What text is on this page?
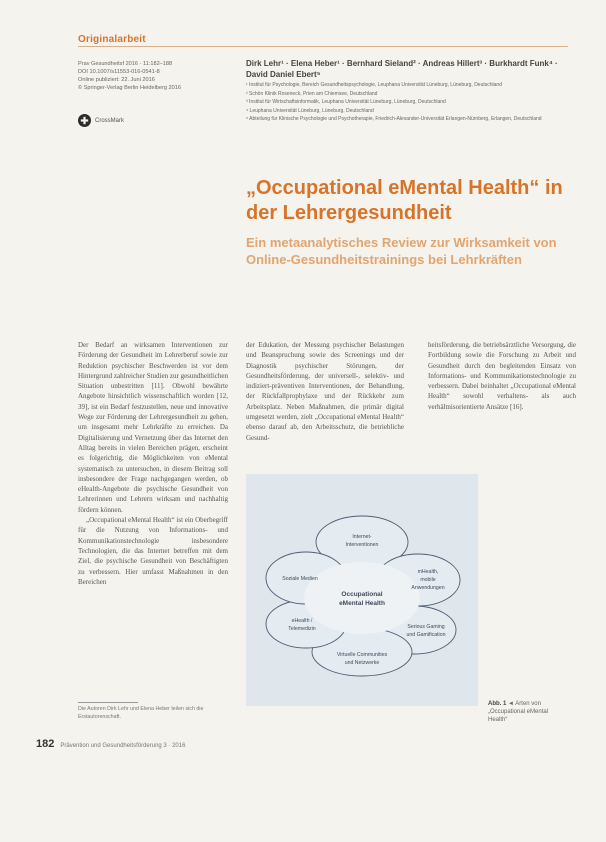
Originalarbeit
Prav Gesundheitsf 2016 · 11:182–188
DOI 10.1007/s11553-016-0541-8
Online publiziert: 22. Juni 2016
© Springer-Verlag Berlin Heidelberg 2016
CrossMark
Dirk Lehr¹ · Elena Heber¹ · Bernhard Sieland² · Andreas Hillert³ · Burkhardt Funk⁴ · David Daniel Ebert⁵
¹ Institut für Psychologie, Bereich Gesundheitspsychologie, Leuphana Universität Lüneburg, Lüneburg, Deutschland
² Schön Klinik Roseneck, Prien am Chiemsee, Deutschland
³ Institut für Wirtschaftsinformatik, Leuphana Universität Lüneburg, Lüneburg, Deutschland
⁴ Leuphana Universität Lüneburg, Lüneburg, Deutschland
⁵ Abteilung für Klinische Psychologie und Psychotherapie, Friedrich-Alexander-Universität Erlangen-Nürnberg, Erlangen, Deutschland
„Occupational eMental Health“ in der Lehrergesundheit
Ein metaanalytisches Review zur Wirksamkeit von Online-Gesundheitstrainings bei Lehrkräften

Der Bedarf an wirksamen Interventionen zur Förderung der Gesundheit im Lehrerberuf sowie zur Reduktion psychischer Beschwerden ist vor dem Hintergrund zahlreicher Studien zur gesundheitlichen Situation unbestritten [11]. Obwohl bewährte Angebote hinsichtlich wissenschaftlich worden [12, 39], ist ein Bedarf festzustellen, neue und innovative Wege zur Förderung der Lehrergesundheit zu gehen, um insgesamt mehr Lehrkräfte zu erreichen. Da Digitalisierung und Vernetzung über das Internet den Alltag bereits in vielen Bereichen prägen, erscheint es folgerichtig, die Möglichkeiten von eMental systematisch zu untersuchen, in diesem Beitrag soll insbesondere der Frage nachgegangen werden, ob eHealth-Angebote die psychische Gesundheit von Lehrerinnen und Lehrern wirksam und nachhaltig fördern können.

„Occupational eMental Health“ ist ein Oberbegriff für die Nutzung von Informations- und Kommunikationstechnologie insbesondere Technologien, die das Internet betreffen mit dem Ziel, die psychische Gesundheit von Beschäftigten zu verbessern. Hier umfasst Maßnahmen in den Bereichen

der Edukation, der Messung psychischer Belastungen und Beanspruchung sowie des Screenings und der Diagnostik psychischer Störungen, der Gesundheitsförderung, der universell-, selektiv- und indiziert-präventiven Interventionen, der Behandlung, der Rückfallprophylaxe und der Rückkehr zum Arbeitsplatz. Neben Maßnahmen, die primär digital umgesetzt werden, zielt „Occupational eMental Health“ ebenso darauf ab, den Arbeitsschutz, die betriebliche Gesund-

heitsförderung, die betriebsärztliche Versorgung, die Fortbildung sowie die Forschung zu Arbeit und Gesundheit durch den begleitenden Einsatz von Informations- und Kommunikationstechnologie zu verbessern. Dabei beinhaltet „Occupational eMental Health“ sowohl verhaltens- als auch verhältnisorientierte Ansätze [16].

Occupational
eMental Health
Internet-
Interventionen
mHealth,
mobile
Anwendungen
Serious Gaming
und Gamification
Virtuelle Communities
und Netzwerke
eHealth /
Telemedizin
Soziale Medien
Abb. 1 ◄ Arten von „Occupational eMental Health“
Die Autoren Dirk Lehr und Elena Heber teilen sich die Erstautorenschaft.
182 Prävention und Gesundheitsförderung 3 · 2016
